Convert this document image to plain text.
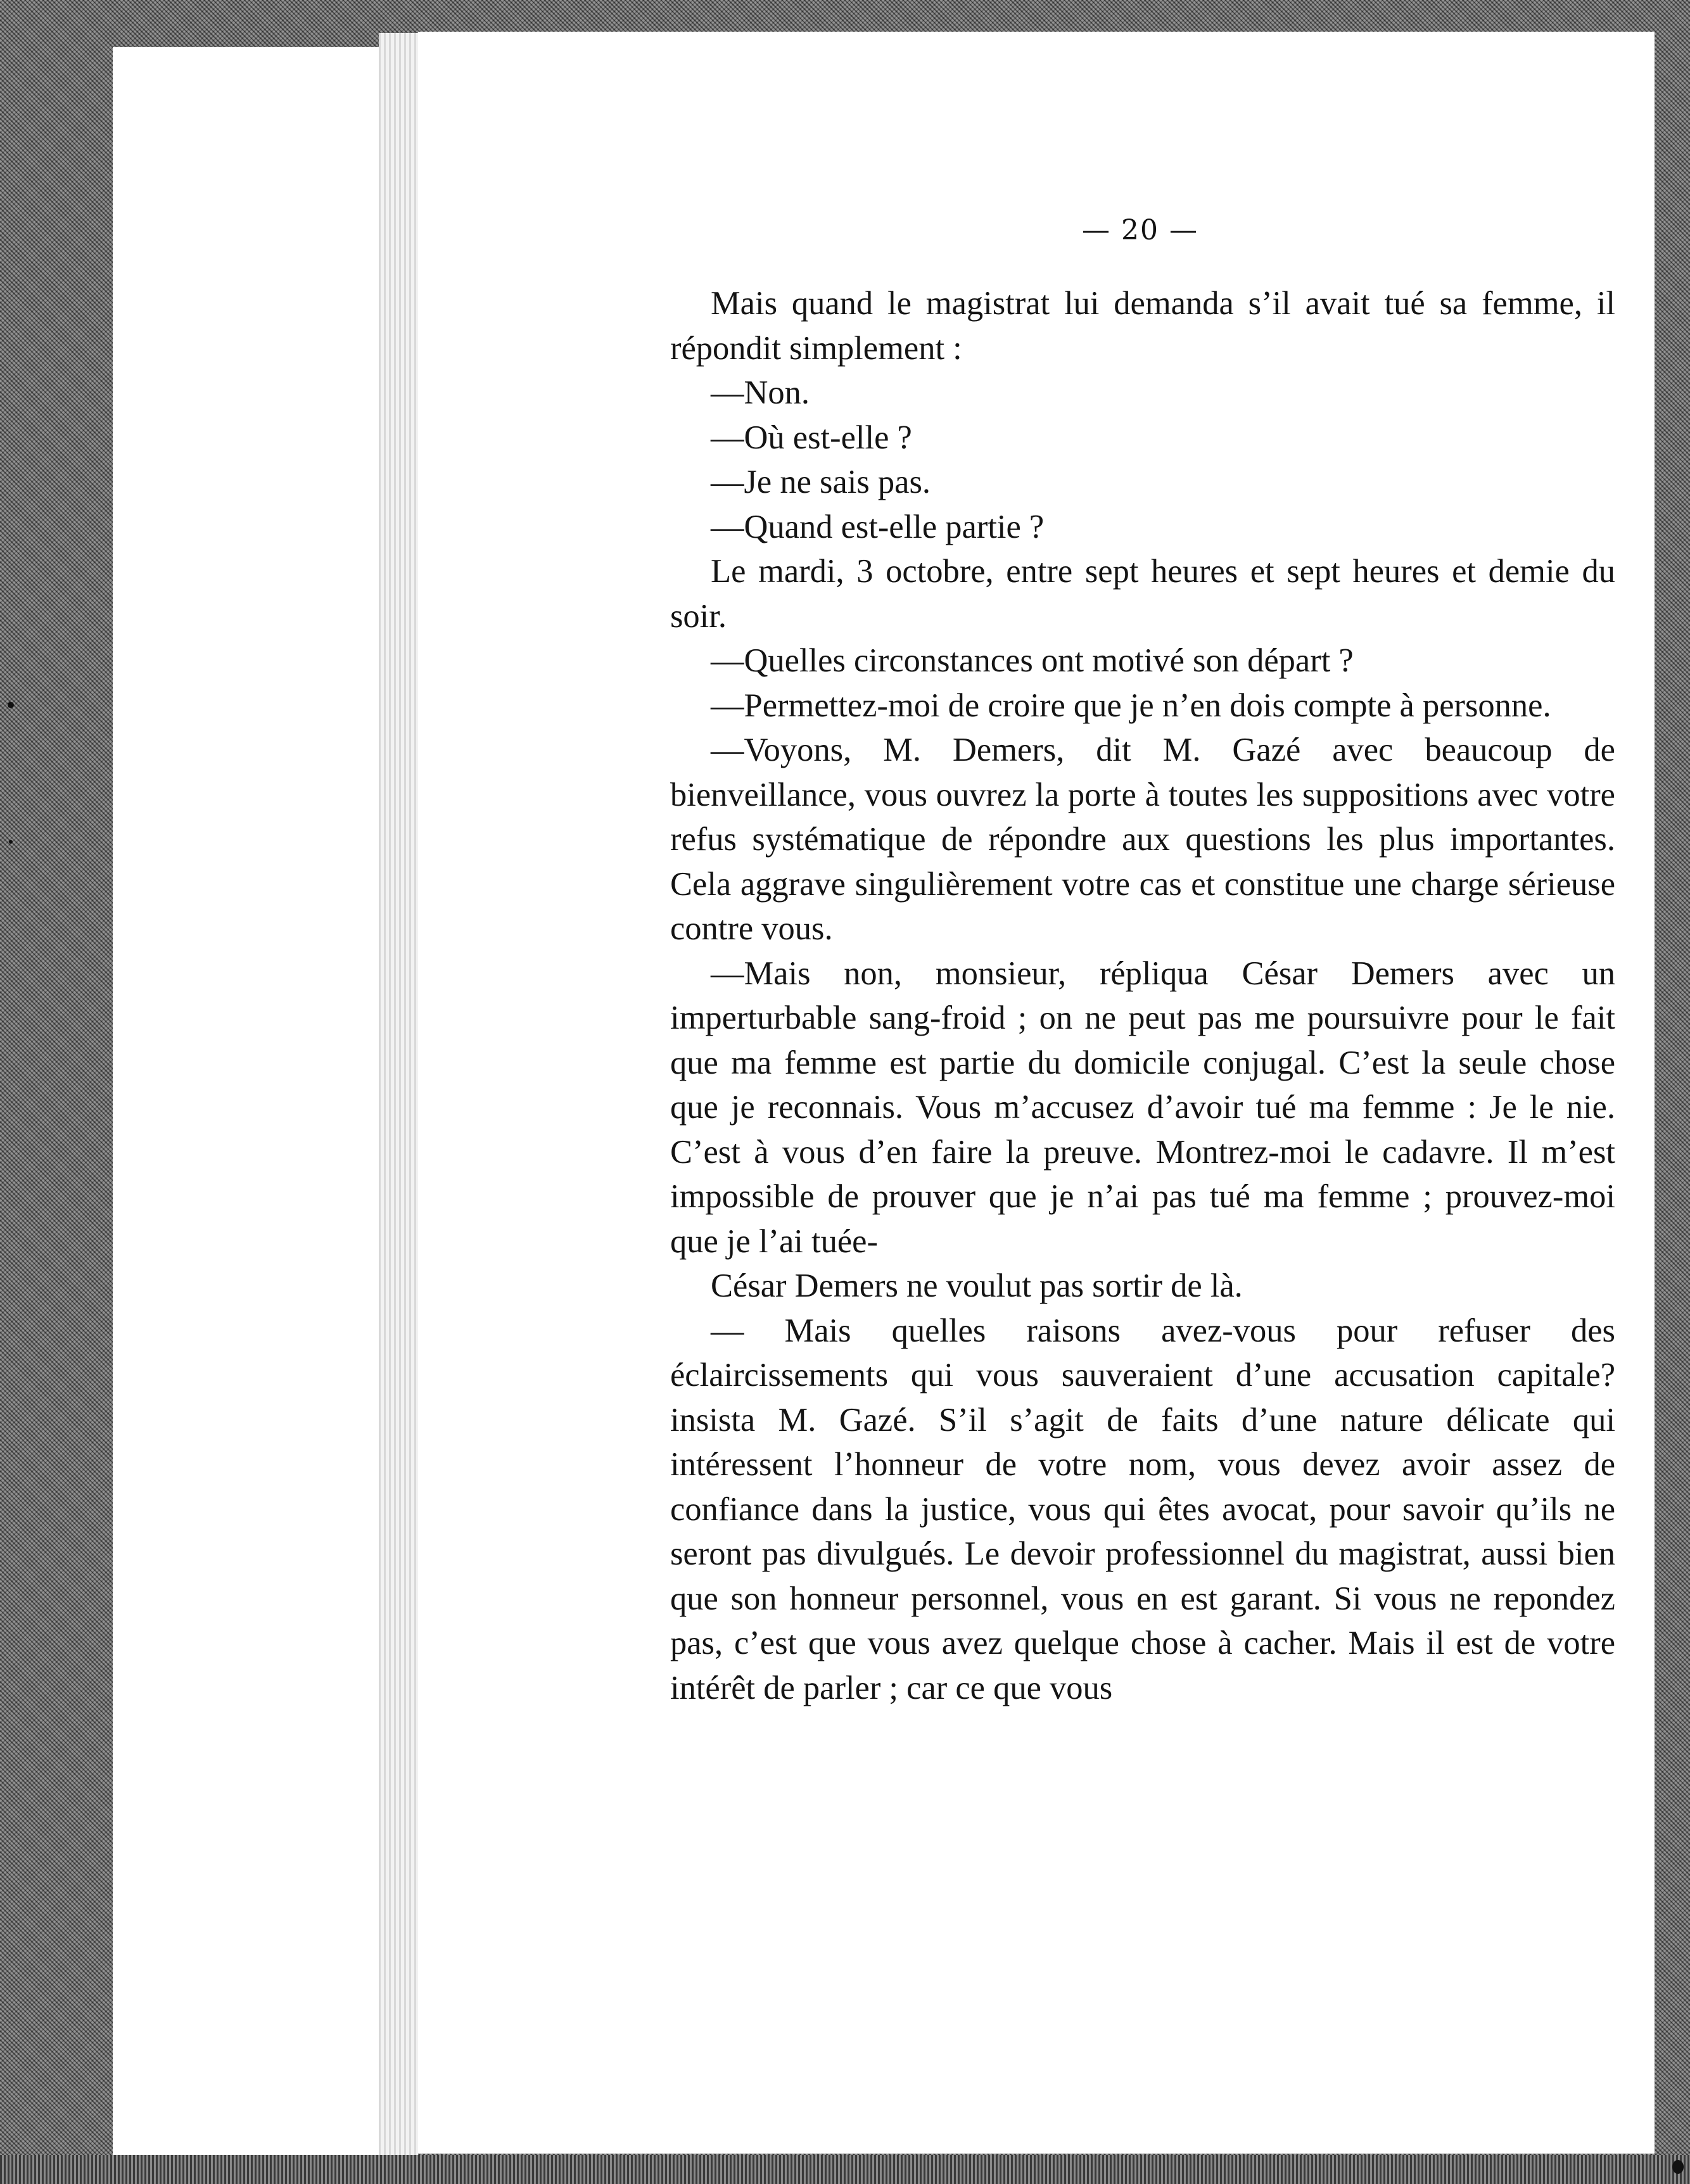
— 20 —

Mais quand le magistrat lui demanda s’il avait tué sa femme, il répondit simplement :

—Non.

—Où est-elle ?

—Je ne sais pas.

—Quand est-elle partie ?

Le mardi, 3 octobre, entre sept heures et sept heures et demie du soir.

—Quelles circonstances ont motivé son départ ?

—Permettez-moi de croire que je n’en dois compte à personne.

—Voyons, M. Demers, dit M. Gazé avec beaucoup de bienveillance, vous ouvrez la porte à toutes les suppositions avec votre refus systématique de répondre aux questions les plus importantes. Cela aggrave singulièrement votre cas et constitue une charge sérieuse contre vous.

—Mais non, monsieur, répliqua César Demers avec un imperturbable sang-froid ; on ne peut pas me poursuivre pour le fait que ma femme est partie du domicile conjugal. C’est la seule chose que je reconnais. Vous m’accusez d’avoir tué ma femme : Je le nie. C’est à vous d’en faire la preuve. Montrez-moi le cadavre. Il m’est impossible de prouver que je n’ai pas tué ma femme ; prouvez-moi que je l’ai tuée-

César Demers ne voulut pas sortir de là.

— Mais quelles raisons avez-vous pour refuser des éclaircissements qui vous sauveraient d’une accusation capitale? insista M. Gazé. S’il s’agit de faits d’une nature délicate qui intéressent l’honneur de votre nom, vous devez avoir assez de confiance dans la justice, vous qui êtes avocat, pour savoir qu’ils ne seront pas divulgués. Le devoir professionnel du magistrat, aussi bien que son honneur personnel, vous en est garant. Si vous ne repondez pas, c’est que vous avez quelque chose à cacher. Mais il est de votre intérêt de parler ; car ce que vous
